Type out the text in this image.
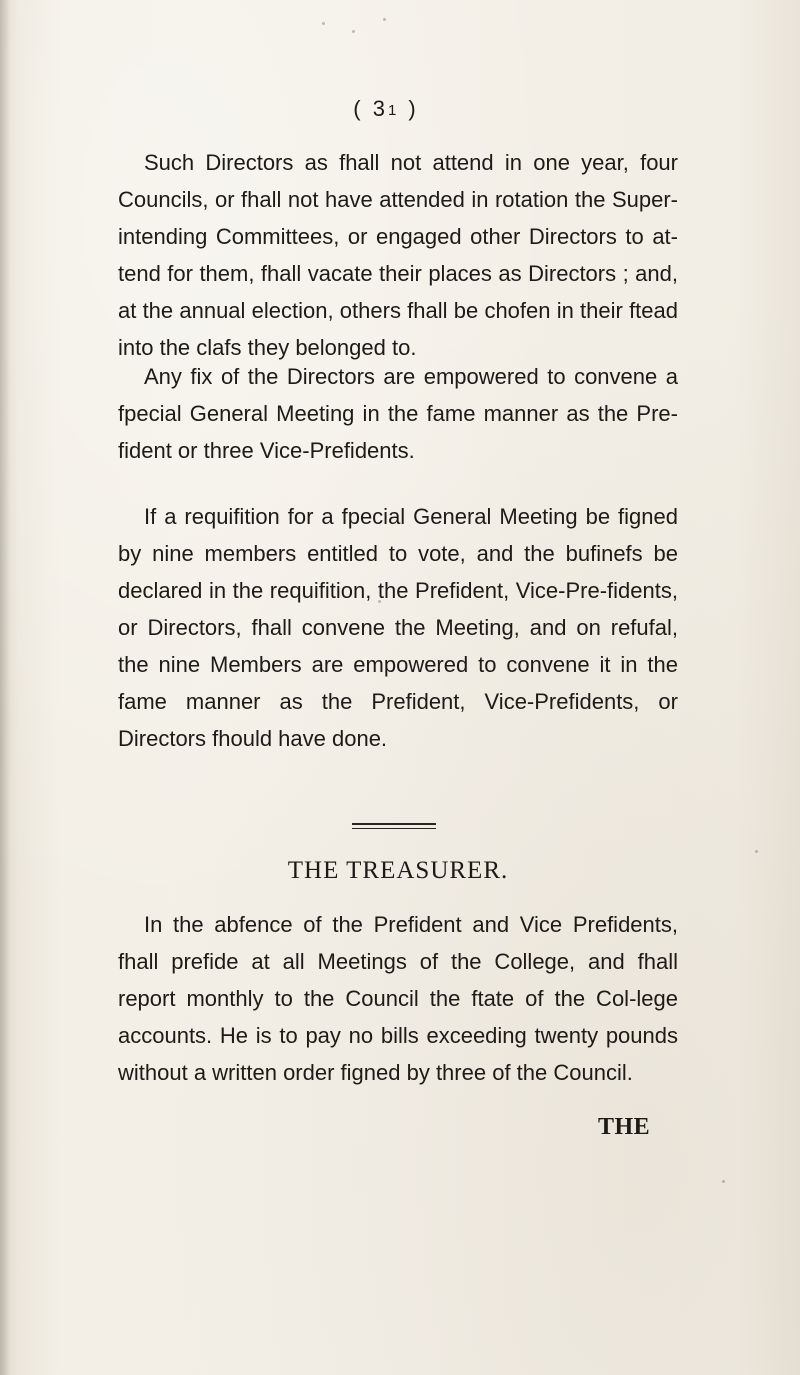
( $3^1$ )

Such Directors as fhall not attend in one year, four Councils, or fhall not have attended in rotation the Super-intending Committees, or engaged other Directors to at-tend for them, fhall vacate their places as Directors ; and, at the annual election, others fhall be chofen in their ftead into the clafs they belonged to.

Any fix of the Directors are empowered to convene a fpecial General Meeting in the fame manner as the Pre-fident or three Vice-Prefidents.

If a requifition for a fpecial General Meeting be figned by nine members entitled to vote, and the bufinefs be declared in the requifition, the Prefident, Vice-Pre-fidents, or Directors, fhall convene the Meeting, and on refufal, the nine Members are empowered to convene it in the fame manner as the Prefident, Vice-Prefidents, or Directors fhould have done.

THE TREASURER.

In the abfence of the Prefident and Vice Prefidents, fhall prefide at all Meetings of the College, and fhall report monthly to the Council the ftate of the Col-lege accounts. He is to pay no bills exceeding twenty pounds without a written order figned by three of the Council.

THE
